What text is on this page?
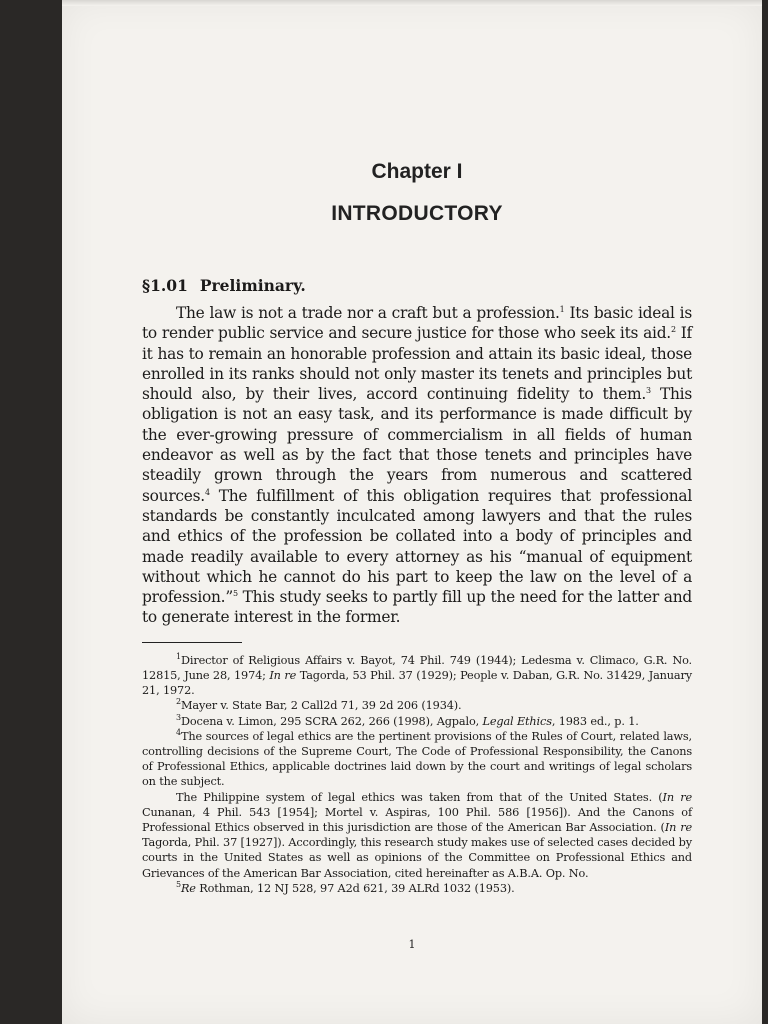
Chapter I
INTRODUCTORY
§1.01 Preliminary.

The law is not a trade nor a craft but a profession.$^1$ Its basic ideal is to render public service and secure justice for those who seek its aid.$^2$ If it has to remain an honorable profession and attain its basic ideal, those enrolled in its ranks should not only master its tenets and principles but should also, by their lives, accord continuing fidelity to them.$^3$ This obligation is not an easy task, and its performance is made difficult by the ever-growing pressure of commercialism in all fields of human endeavor as well as by the fact that those tenets and principles have steadily grown through the years from numerous and scattered sources.$^4$ The fulfillment of this obligation requires that professional standards be constantly inculcated among lawyers and that the rules and ethics of the profession be collated into a body of principles and made readily available to every attorney as his “manual of equipment without which he cannot do his part to keep the law on the level of a profession.”$^5$ This study seeks to partly fill up the need for the latter and to generate interest in the former.

$^1$Director of Religious Affairs v. Bayot, 74 Phil. 749 (1944); Ledesma v. Climaco, G.R. No. 12815, June 28, 1974; In re Tagorda, 53 Phil. 37 (1929); People v. Daban, G.R. No. 31429, January 21, 1972.

$^2$Mayer v. State Bar, 2 Call2d 71, 39 2d 206 (1934).

$^3$Docena v. Limon, 295 SCRA 262, 266 (1998), Agpalo, Legal Ethics, 1983 ed., p. 1.

$^4$The sources of legal ethics are the pertinent provisions of the Rules of Court, related laws, controlling decisions of the Supreme Court, The Code of Professional Responsibility, the Canons of Professional Ethics, applicable doctrines laid down by the court and writings of legal scholars on the subject.

The Philippine system of legal ethics was taken from that of the United States. (In re Cunanan, 4 Phil. 543 [1954]; Mortel v. Aspiras, 100 Phil. 586 [1956]). And the Canons of Professional Ethics observed in this jurisdiction are those of the American Bar Association. (In re Tagorda, Phil. 37 [1927]). Accordingly, this research study makes use of selected cases decided by courts in the United States as well as opinions of the Committee on Professional Ethics and Grievances of the American Bar Association, cited hereinafter as A.B.A. Op. No.

$^5$Re Rothman, 12 NJ 528, 97 A2d 621, 39 ALRd 1032 (1953).

1
